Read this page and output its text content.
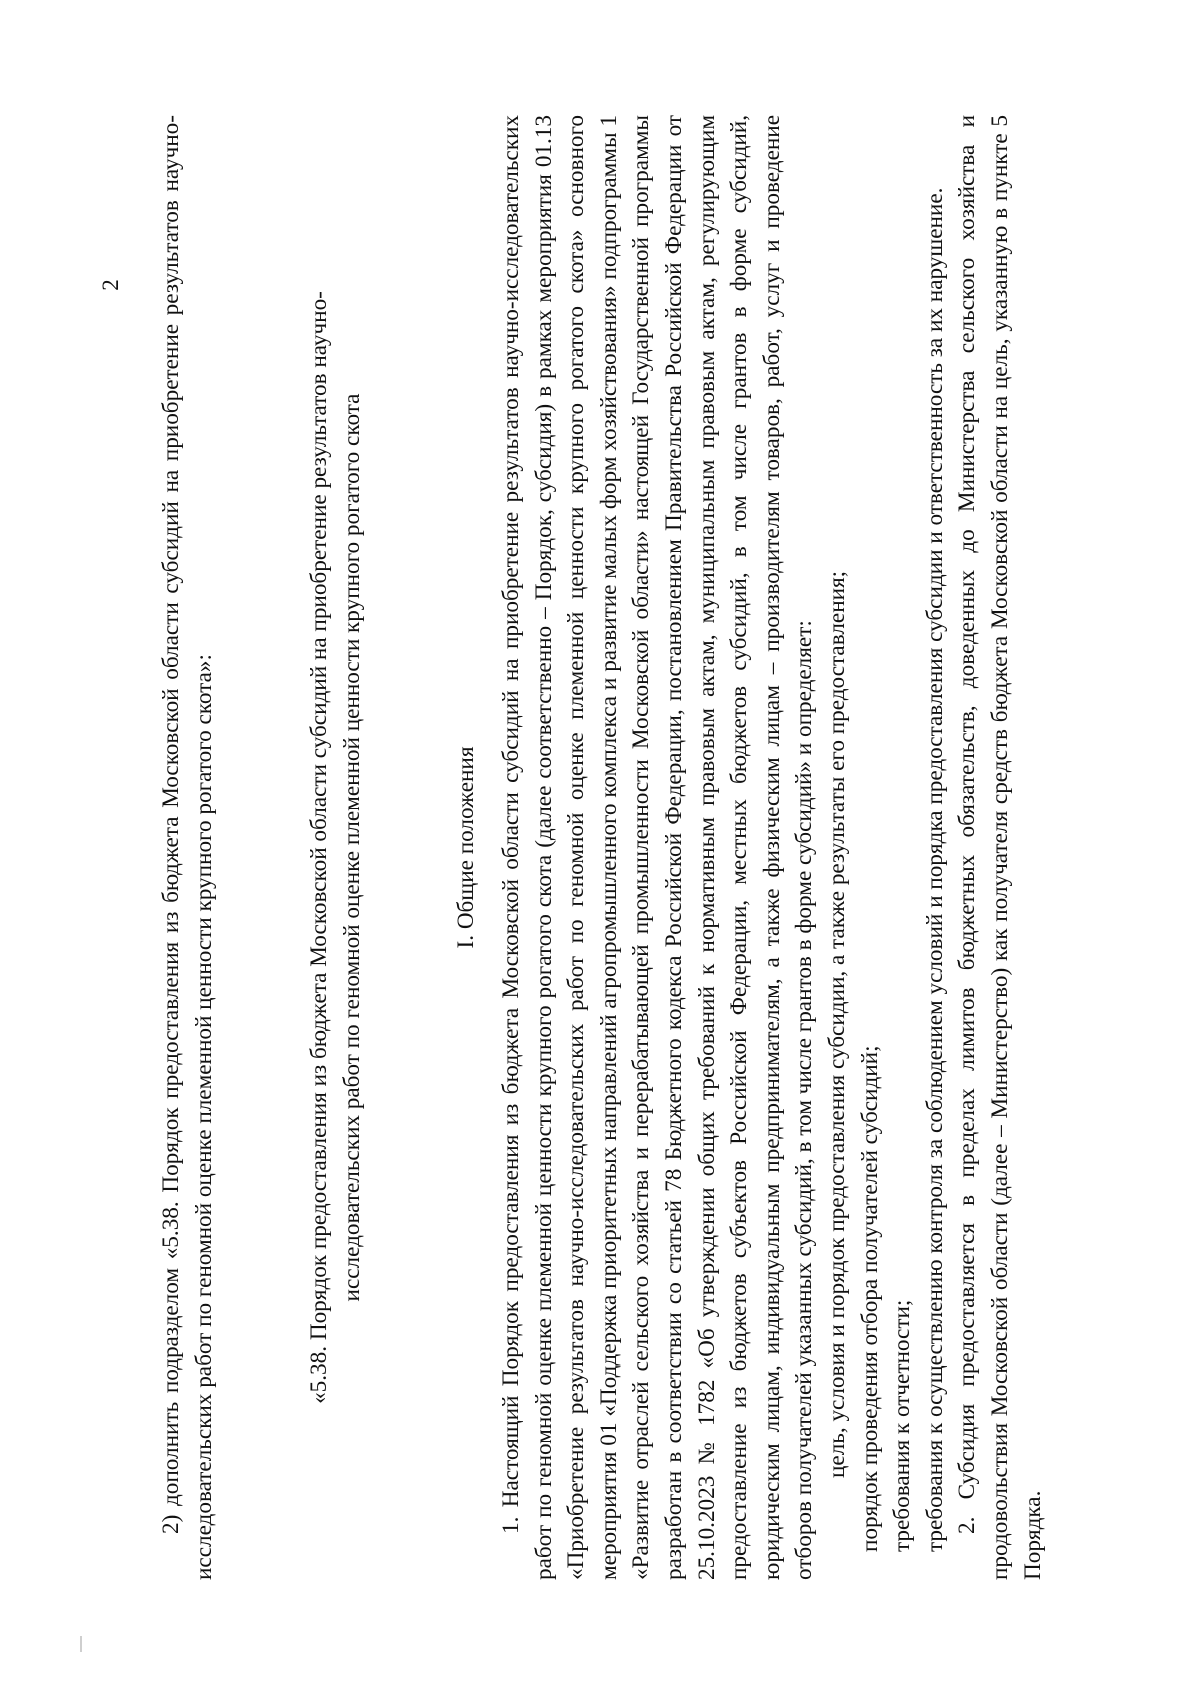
2 2) дополнить подразделом «5.38. Порядок предоставления из бюджета Московской области субсидий на приобретение результатов научно-исследовательских работ по геномной оценке племенной ценности крупного рогатого скота»:	«5.38. Порядок предоставления из бюджета Московской области субсидий на приобретение результатов научно- исследовательских работ по геномной оценке племенной ценности крупного рогатого скота	I. Общие положения 1. Настоящий Порядок предоставления из бюджета Московской области субсидий на приобретение результатов научно-исследовательских работ по геномной оценке племенной ценности крупного рогатого скота (далее соответственно – Порядок, субсидия) в рамках мероприятия 01.13 «Приобретение результатов научно-исследовательских работ по геномной оценке племенной ценности крупного рогатого скота» основного мероприятия 01 «Поддержка приоритетных направлений агропромышленного комплекса и развитие малых форм хозяйствования» подпрограммы 1 «Развитие отраслей сельского хозяйства и перерабатывающей промышленности Московской области» настоящей Государственной программы разработан в соответствии со статьей 78 Бюджетного кодекса Российской Федерации, постановлением Правительства Российской Федерации от 25.10.2023 № 1782 «Об утверждении общих требований к нормативным правовым актам, муниципальным правовым актам, регулирующим предоставление из бюджетов субъектов Российской Федерации, местных бюджетов субсидий, в том числе грантов в форме субсидий, юридическим лицам, индивидуальным предпринимателям, а также физическим лицам – производителям товаров, работ, услуг и проведение отборов получателей указанных субсидий, в том числе грантов в форме субсидий» и определяет: цель, условия и порядок предоставления субсидии, а также результаты его предоставления; порядок проведения отбора получателей субсидий; требования к отчетности; требования к осуществлению контроля за соблюдением условий и порядка предоставления субсидии и ответственность за их нарушение. 2. Субсидия предоставляется в пределах лимитов бюджетных обязательств, доведенных до Министерства сельского хозяйства и продовольствия Московской области (далее – Министерство) как получателя средств бюджета Московской области на цель, указанную в пункте 5 Порядка.
